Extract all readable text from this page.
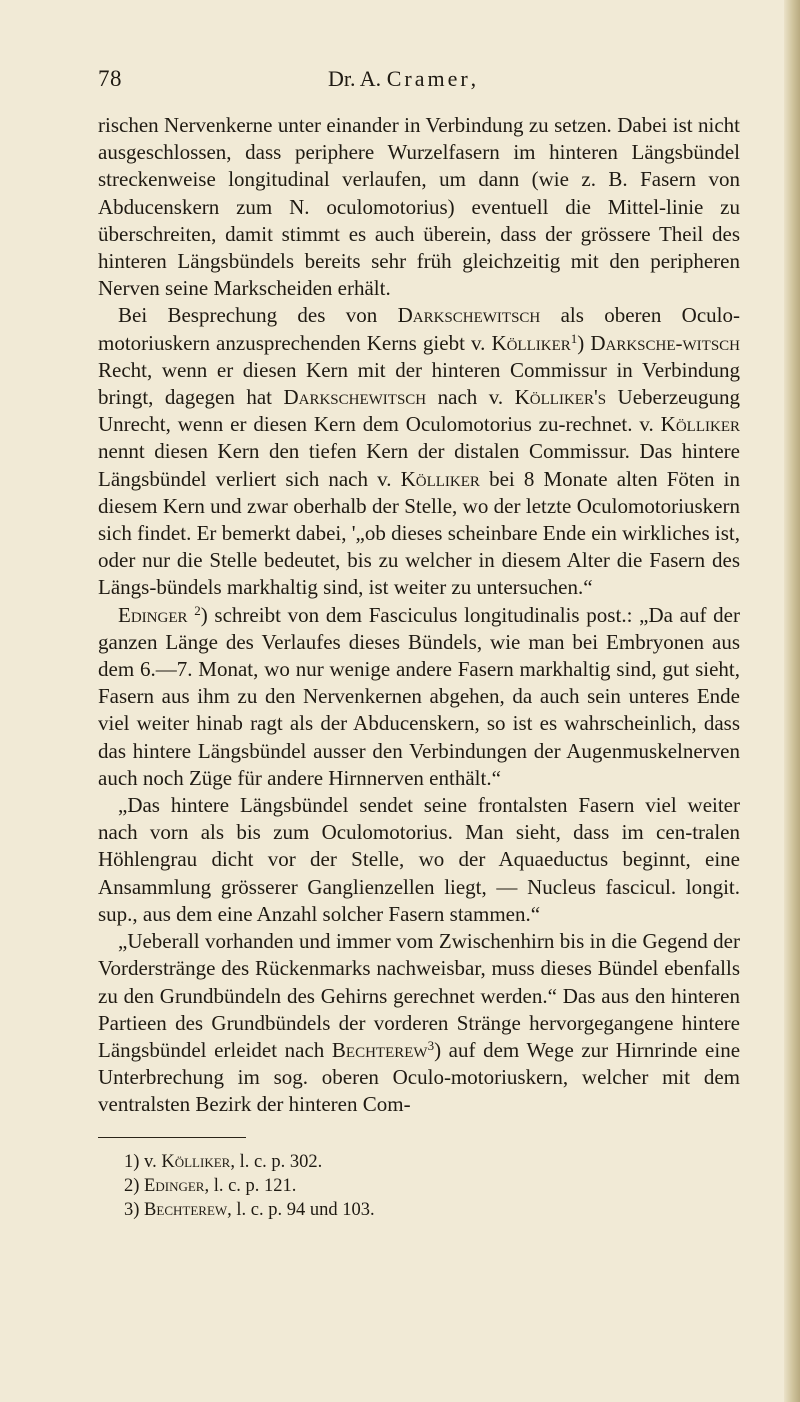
78	Dr. A. Cramer,

rischen Nervenkerne unter einander in Verbindung zu setzen. Dabei ist nicht ausgeschlossen, dass periphere Wurzelfasern im hinteren Längsbündel streckenweise longitudinal verlaufen, um dann (wie z. B. Fasern von Abducenskern zum N. oculomotorius) eventuell die Mittel-linie zu überschreiten, damit stimmt es auch überein, dass der grössere Theil des hinteren Längsbündels bereits sehr früh gleichzeitig mit den peripheren Nerven seine Markscheiden erhält.

Bei Besprechung des von Darkschewitsch als oberen Oculo-motoriuskern anzusprechenden Kerns giebt v. Kölliker$^1$) Darksche-witsch Recht, wenn er diesen Kern mit der hinteren Commissur in Verbindung bringt, dagegen hat Darkschewitsch nach v. Kölliker's Ueberzeugung Unrecht, wenn er diesen Kern dem Oculomotorius zu-rechnet. v. Kölliker nennt diesen Kern den tiefen Kern der distalen Commissur. Das hintere Längsbündel verliert sich nach v. Kölliker bei 8 Monate alten Föten in diesem Kern und zwar oberhalb der Stelle, wo der letzte Oculomotoriuskern sich findet. Er bemerkt dabei, '„ob dieses scheinbare Ende ein wirkliches ist, oder nur die Stelle bedeutet, bis zu welcher in diesem Alter die Fasern des Längs-bündels markhaltig sind, ist weiter zu untersuchen.“

Edinger $^2$) schreibt von dem Fasciculus longitudinalis post.: „Da auf der ganzen Länge des Verlaufes dieses Bündels, wie man bei Embryonen aus dem 6.—7. Monat, wo nur wenige andere Fasern markhaltig sind, gut sieht, Fasern aus ihm zu den Nervenkernen abgehen, da auch sein unteres Ende viel weiter hinab ragt als der Abducenskern, so ist es wahrscheinlich, dass das hintere Längsbündel ausser den Verbindungen der Augenmuskelnerven auch noch Züge für andere Hirnnerven enthält.“

„Das hintere Längsbündel sendet seine frontalsten Fasern viel weiter nach vorn als bis zum Oculomotorius. Man sieht, dass im cen-tralen Höhlengrau dicht vor der Stelle, wo der Aquaeductus beginnt, eine Ansammlung grösserer Ganglienzellen liegt, — Nucleus fascicul. longit. sup., aus dem eine Anzahl solcher Fasern stammen.“

„Ueberall vorhanden und immer vom Zwischenhirn bis in die Gegend der Vorderstränge des Rückenmarks nachweisbar, muss dieses Bündel ebenfalls zu den Grundbündeln des Gehirns gerechnet werden.“ Das aus den hinteren Partieen des Grundbündels der vorderen Stränge hervorgegangene hintere Längsbündel erleidet nach Bechterew$^3$) auf dem Wege zur Hirnrinde eine Unterbrechung im sog. oberen Oculo-motoriuskern, welcher mit dem ventralsten Bezirk der hinteren Com-

1) v. Kölliker, l. c. p. 302.
2) Edinger, l. c. p. 121.
3) Bechterew, l. c. p. 94 und 103.
